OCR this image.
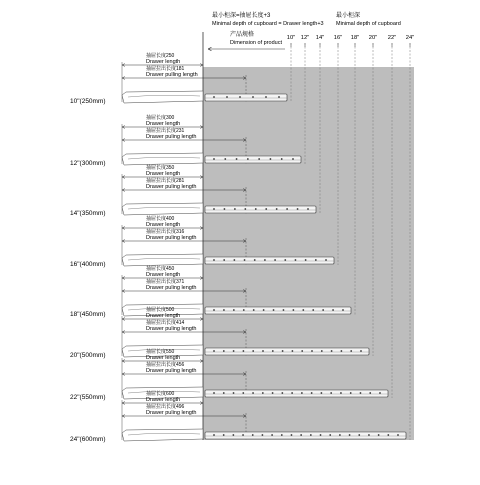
最小柜深=抽屉长度+3
Minimal depth of cupboard = Drawer length+3
最小柜深
Minimal depth of cupboard
产品规格
Dimension of product
10" 12" 14" 16" 18" 20" 22" 24"
抽屉长度250
Drawer length
抽屉拉出长度181
Drawer pulling length
10"(250mm)
抽屉长度300
Drawer length
抽屉拉出长度231
Drawer puling length
12"(300mm)
抽屉长度350
Drawer length
抽屉拉出长度281
Drawer puling length
14"(350mm)
抽屉长度400
Drawer length
抽屉拉出长度316
Drawer puling length
16"(400mm)
抽屉长度450
Drawer length
抽屉拉出长度371
Drawer puling length
18"(450mm)
抽屉长度500
Drawer length
抽屉拉出长度414
Drawer puling length
20"(500mm)	抽屉长度550
Drawer length
抽屉拉出长度456
Drawer puling length
22"(550mm)	抽屉长度600
Drawer length
抽屉拉出长度496
Drawer puling length
24"(600mm)
